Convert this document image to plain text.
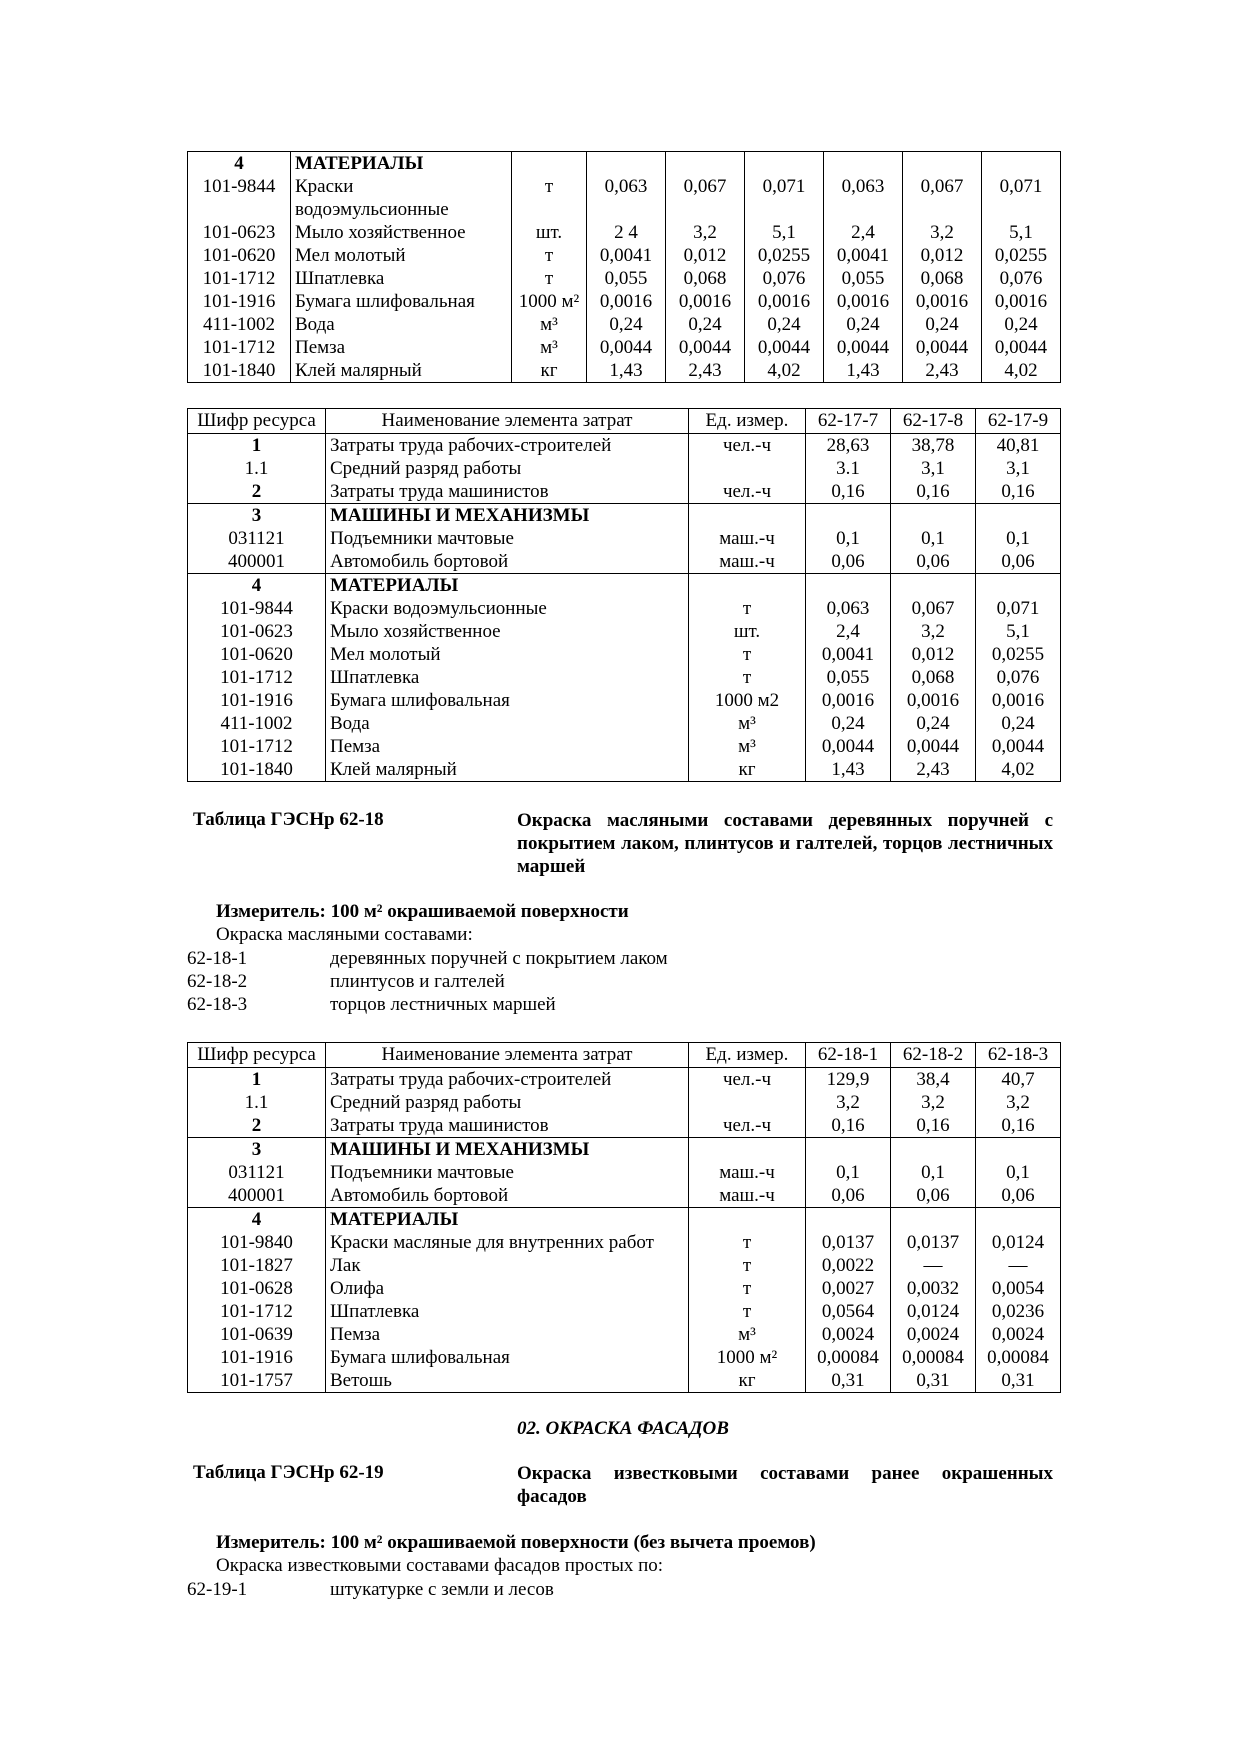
4	МАТЕРИАЛЫ							
101-9844	Краски водоэмульсионные	т	0,063	0,067	0,071	0,063	0,067	0,071
101-0623	Мыло хозяйственное	шт.	2 4	3,2	5,1	2,4	3,2	5,1
101-0620	Мел молотый	т	0,0041	0,012	0,0255	0,0041	0,012	0,0255
101-1712	Шпатлевка	т	0,055	0,068	0,076	0,055	0,068	0,076
101-1916	Бумага шлифовальная	1000 м²	0,0016	0,0016	0,0016	0,0016	0,0016	0,0016
411-1002	Вода	м³	0,24	0,24	0,24	0,24	0,24	0,24
101-1712	Пемза	м³	0,0044	0,0044	0,0044	0,0044	0,0044	0,0044
101-1840	Клей малярный	кг	1,43	2,43	4,02	1,43	2,43	4,02
Шифр ресурса	Наименование элемента затрат	Ед. измер.	62-17-7	62-17-8	62-17-9
1	Затраты труда рабочих-строителей	чел.-ч	28,63	38,78	40,81
1.1	Средний разряд работы		3.1	3,1	3,1
2	Затраты труда машинистов	чел.-ч	0,16	0,16	0,16
3	МАШИНЫ И МЕХАНИЗМЫ				
031121	Подъемники мачтовые	маш.-ч	0,1	0,1	0,1
400001	Автомобиль бортовой	маш.-ч	0,06	0,06	0,06
4	МАТЕРИАЛЫ				
101-9844	Краски водоэмульсионные	т	0,063	0,067	0,071
101-0623	Мыло хозяйственное	шт.	2,4	3,2	5,1
101-0620	Мел молотый	т	0,0041	0,012	0,0255
101-1712	Шпатлевка	т	0,055	0,068	0,076
101-1916	Бумага шлифовальная	1000 м2	0,0016	0,0016	0,0016
411-1002	Вода	м³	0,24	0,24	0,24
101-1712	Пемза	м³	0,0044	0,0044	0,0044
101-1840	Клей малярный	кг	1,43	2,43	4,02
Таблица ГЭСНр 62-18	Окраска масляными составами деревянных поручней с покрытием лаком, плинтусов и галтелей, торцов лестничных маршей
Измеритель: 100 м² окрашиваемой поверхности
Окраска масляными составами:
62-18-1	деревянных поручней с покрытием лаком
62-18-2	плинтусов и галтелей
62-18-3	торцов лестничных маршей
Шифр ресурса	Наименование элемента затрат	Ед. измер.	62-18-1	62-18-2	62-18-3
1	Затраты труда рабочих-строителей	чел.-ч	129,9	38,4	40,7
1.1	Средний разряд работы		3,2	3,2	3,2
2	Затраты труда машинистов	чел.-ч	0,16	0,16	0,16
3	МАШИНЫ И МЕХАНИЗМЫ				
031121	Подъемники мачтовые	маш.-ч	0,1	0,1	0,1
400001	Автомобиль бортовой	маш.-ч	0,06	0,06	0,06
4	МАТЕРИАЛЫ				
101-9840	Краски масляные для внутренних работ	т	0,0137	0,0137	0,0124
101-1827	Лак	т	0,0022	—	—
101-0628	Олифа	т	0,0027	0,0032	0,0054
101-1712	Шпатлевка	т	0,0564	0,0124	0,0236
101-0639	Пемза	м³	0,0024	0,0024	0,0024
101-1916	Бумага шлифовальная	1000 м²	0,00084	0,00084	0,00084
101-1757	Ветошь	кг	0,31	0,31	0,31
02. ОКРАСКА ФАСАДОВ
Таблица ГЭСНр 62-19	Окраска известковыми составами ранее окрашенных фасадов
Измеритель: 100 м² окрашиваемой поверхности (без вычета проемов)
Окраска известковыми составами фасадов простых по:
62-19-1	штукатурке с земли и лесов
